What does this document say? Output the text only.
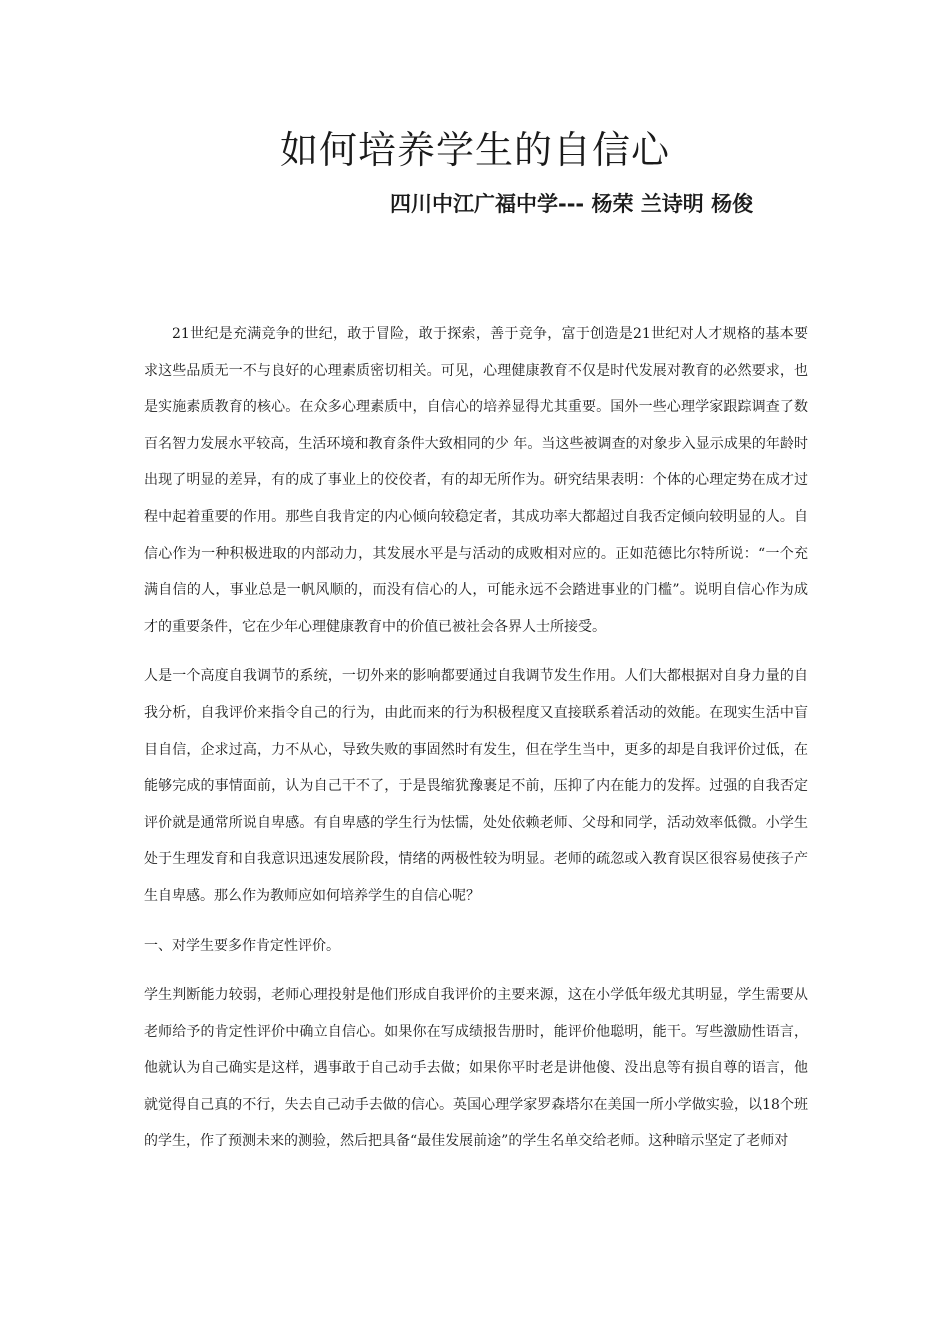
如何培养学生的自信心
四川中江广福中学--- 杨荣 兰诗明 杨俊

21世纪是充满竞争的世纪，敢于冒险，敢于探索，善于竞争，富于创造是21世纪对人才规格的基本要求这些品质无一不与良好的心理素质密切相关。可见，心理健康教育不仅是时代发展对教育的必然要求，也是实施素质教育的核心。在众多心理素质中，自信心的培养显得尤其重要。国外一些心理学家跟踪调查了数百名智力发展水平较高，生活环境和教育条件大致相同的少 年。当这些被调查的对象步入显示成果的年龄时出现了明显的差异，有的成了事业上的佼佼者，有的却无所作为。研究结果表明：个体的心理定势在成才过程中起着重要的作用。那些自我肯定的内心倾向较稳定者，其成功率大都超过自我否定倾向较明显的人。自信心作为一种积极进取的内部动力，其发展水平是与活动的成败相对应的。正如范德比尔特所说：“一个充满自信的人，事业总是一帆风顺的，而没有信心的人，可能永远不会踏进事业的门槛”。说明自信心作为成才的重要条件，它在少年心理健康教育中的价值已被社会各界人士所接受。

人是一个高度自我调节的系统，一切外来的影响都要通过自我调节发生作用。人们大都根据对自身力量的自我分析，自我评价来指令自己的行为，由此而来的行为积极程度又直接联系着活动的效能。在现实生活中盲目自信，企求过高，力不从心，导致失败的事固然时有发生，但在学生当中，更多的却是自我评价过低，在能够完成的事情面前，认为自己干不了，于是畏缩犹豫裹足不前，压抑了内在能力的发挥。过强的自我否定评价就是通常所说自卑感。有自卑感的学生行为怯懦，处处依赖老师、父母和同学，活动效率低微。小学生处于生理发育和自我意识迅速发展阶段，情绪的两极性较为明显。老师的疏忽或入教育误区很容易使孩子产生自卑感。那么作为教师应如何培养学生的自信心呢？

一、对学生要多作肯定性评价。

学生判断能力较弱，老师心理投射是他们形成自我评价的主要来源，这在小学低年级尤其明显，学生需要从老师给予的肯定性评价中确立自信心。如果你在写成绩报告册时，能评价他聪明，能干。写些激励性语言，他就认为自己确实是这样，遇事敢于自己动手去做；如果你平时老是讲他傻、没出息等有损自尊的语言，他就觉得自己真的不行，失去自己动手去做的信心。英国心理学家罗森塔尔在美国一所小学做实验，以18个班的学生，作了预测未来的测验，然后把具备“最佳发展前途”的学生名单交给老师。这种暗示坚定了老师对
